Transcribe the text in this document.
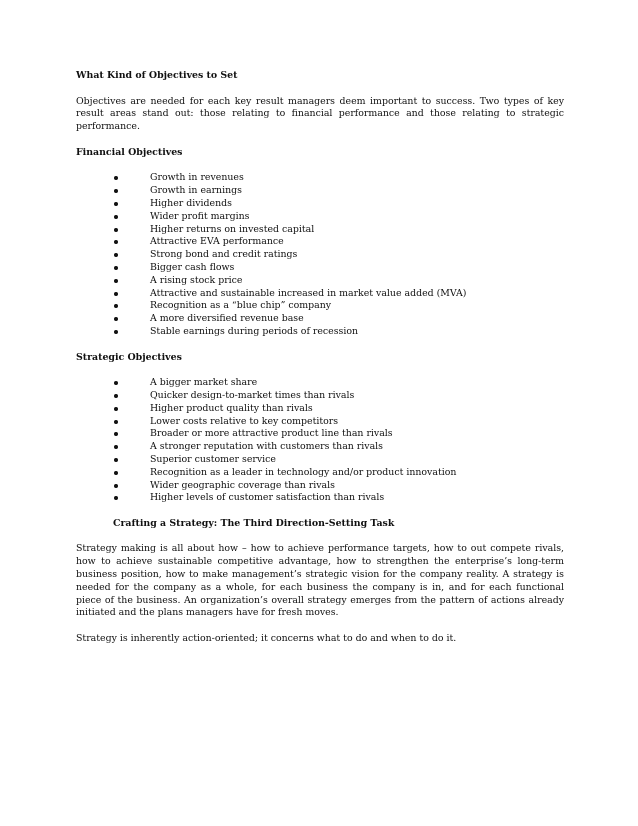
What Kind of Objectives to Set

Objectives are needed for each key result managers deem important to success. Two types of key result areas stand out: those relating to financial performance and those relating to strategic performance.

Financial Objectives

Growth in revenues
Growth in earnings
Higher dividends
Wider profit margins
Higher returns on invested capital
Attractive EVA performance
Strong bond and credit ratings
Bigger cash flows
A rising stock price
Attractive and sustainable increased in market value added (MVA)
Recognition as a “blue chip” company
A more diversified revenue base
Stable earnings during periods of recession

Strategic Objectives

A bigger market share
Quicker design-to-market times than rivals
Higher product quality than rivals
Lower costs relative to key competitors
Broader or more attractive product line than rivals
A stronger reputation with customers than rivals
Superior customer service
Recognition as a leader in technology and/or product innovation
Wider geographic coverage than rivals
Higher levels of customer satisfaction than rivals

Crafting a Strategy: The Third Direction-Setting Task

Strategy making is all about how – how to achieve performance targets, how to out compete rivals, how to achieve sustainable competitive advantage, how to strengthen the enterprise’s long-term business position, how to make management’s strategic vision for the company reality. A strategy is needed for the company as a whole, for each business the company is in, and for each functional piece of the business. An organization’s overall strategy emerges from the pattern of actions already initiated and the plans managers have for fresh moves.

Strategy is inherently action-oriented; it concerns what to do and when to do it.
